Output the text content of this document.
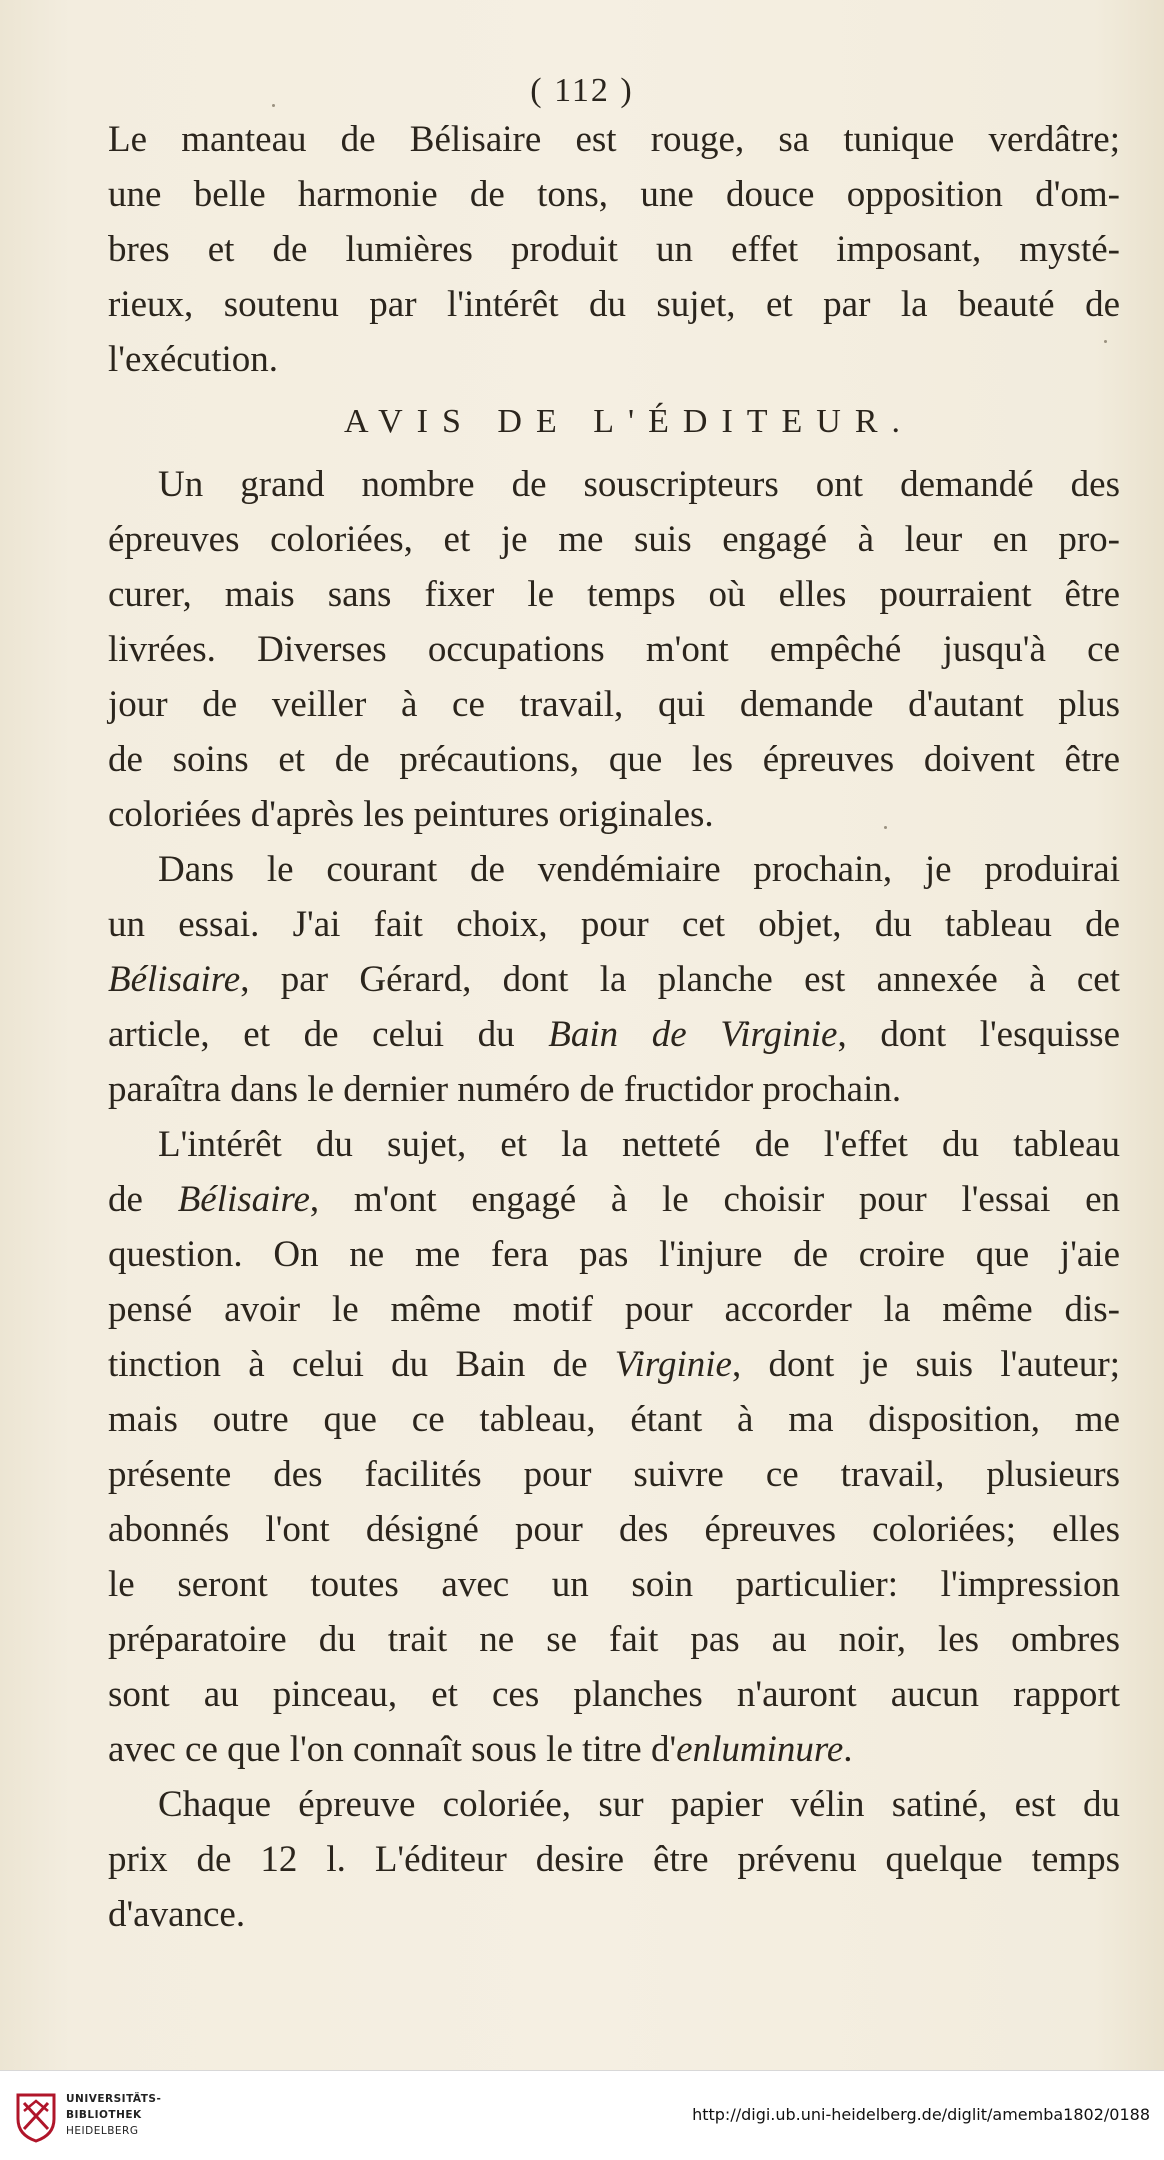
( 112 )
Le manteau de Bélisaire est rouge, sa tunique verdâtre;
une belle harmonie de tons, une douce opposition d'om-
bres et de lumières produit un effet imposant, mysté-
rieux, soutenu par l'intérêt du sujet, et par la beauté de
l'exécution.
AVIS DE L'ÉDITEUR.
Un grand nombre de souscripteurs ont demandé des
épreuves coloriées, et je me suis engagé à leur en pro-
curer, mais sans fixer le temps où elles pourraient être
livrées. Diverses occupations m'ont empêché jusqu'à ce
jour de veiller à ce travail, qui demande d'autant plus
de soins et de précautions, que les épreuves doivent être
coloriées d'après les peintures originales.
Dans le courant de vendémiaire prochain, je produirai
un essai. J'ai fait choix, pour cet objet, du tableau de
Bélisaire, par Gérard, dont la planche est annexée à cet
article, et de celui du Bain de Virginie, dont l'esquisse
paraîtra dans le dernier numéro de fructidor prochain.
L'intérêt du sujet, et la netteté de l'effet du tableau
de Bélisaire, m'ont engagé à le choisir pour l'essai en
question. On ne me fera pas l'injure de croire que j'aie
pensé avoir le même motif pour accorder la même dis-
tinction à celui du Bain de Virginie, dont je suis l'auteur;
mais outre que ce tableau, étant à ma disposition, me
présente des facilités pour suivre ce travail, plusieurs
abonnés l'ont désigné pour des épreuves coloriées; elles
le seront toutes avec un soin particulier: l'impression
préparatoire du trait ne se fait pas au noir, les ombres
sont au pinceau, et ces planches n'auront aucun rapport
avec ce que l'on connaît sous le titre d'enluminure.
Chaque épreuve coloriée, sur papier vélin satiné, est du
prix de 12 l. L'éditeur desire être prévenu quelque temps
d'avance.
UNIVERSITÄTS-
BIBLIOTHEK
HEIDELBERG
http://digi.ub.uni-heidelberg.de/diglit/amemba1802/0188
